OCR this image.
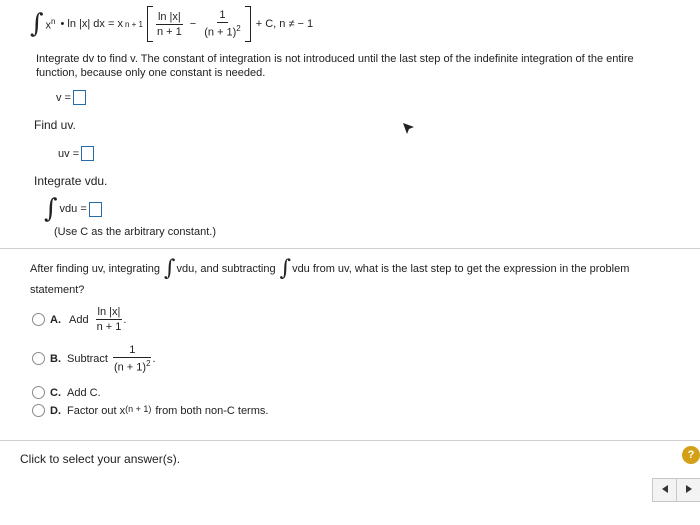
∫ $x^n$ • ln |x| dx = x $n + 1 \frac{\ln |x|}{n + 1} - \frac{1}{(n + 1)^2} + C$, n ≠ − 1
Integrate dv to find v. The constant of integration is not introduced until the last step of the indefinite integration of the entire
function, because only one constant is needed.
v =
Find uv.
uv =
Integrate vdu.
∫ vdu =
(Use C as the arbitrary constant.)
After finding uv, integrating ∫ vdu, and subtracting ∫ vdu from uv, what is the last step to get the expression in the problem
statement?
A. Add $\frac{\ln |x|}{n + 1}$ .
B. Subtract $\frac{1}{(n + 1)^2}$ .
C. Add C.
D. Factor out x (n + 1) from both non-C terms.
Click to select your answer(s).	?
